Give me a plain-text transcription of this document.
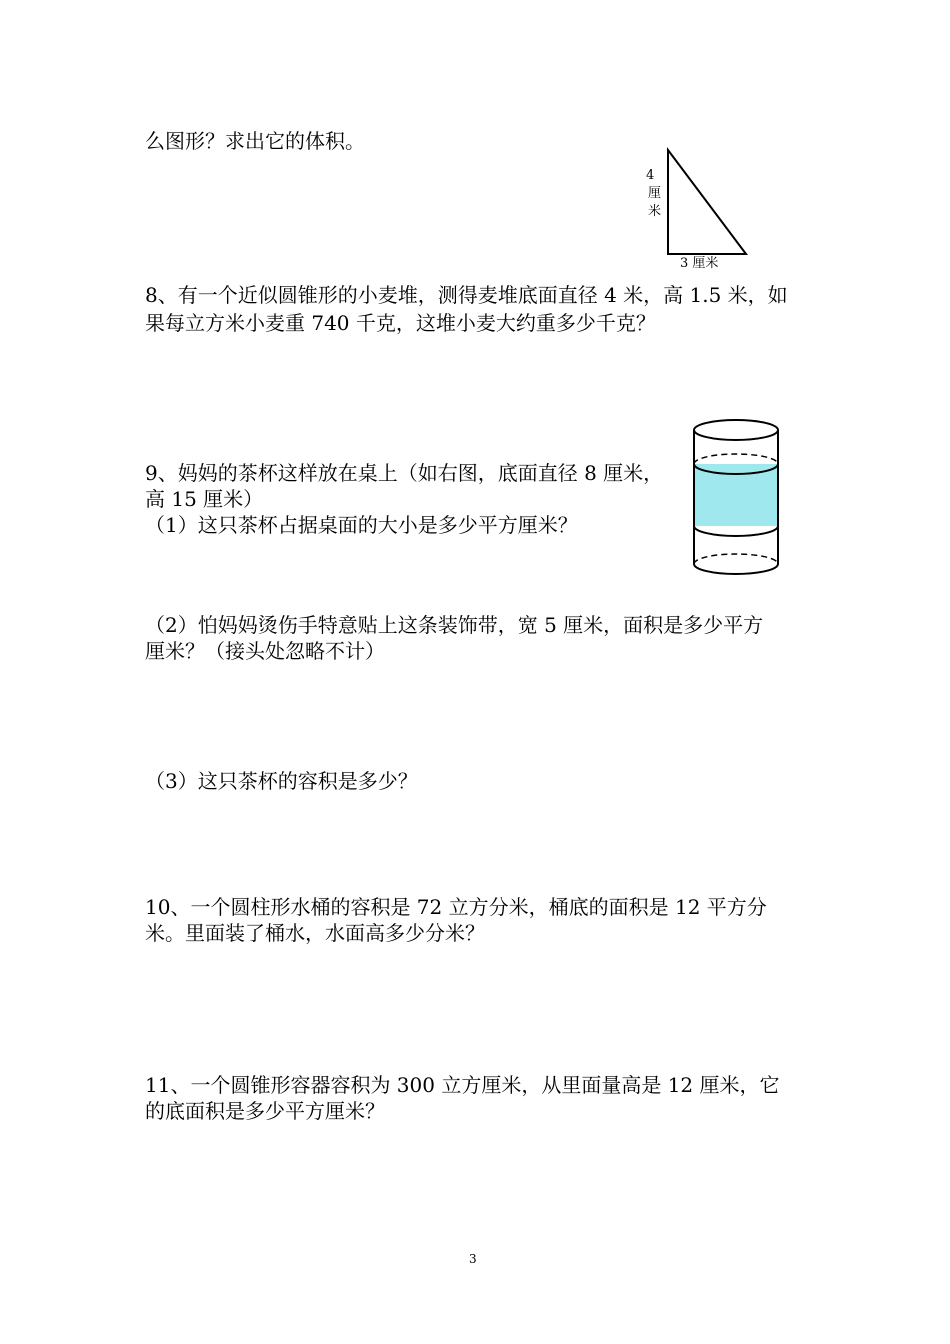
么图形？求出它的体积。
4
厘
米
3 厘米
8、有一个近似圆锥形的小麦堆，测得麦堆底面直径 4 米，高 1.5 米，如
果每立方米小麦重 740 千克，这堆小麦大约重多少千克？
9、妈妈的茶杯这样放在桌上（如右图，底面直径 8 厘米，
高 15 厘米）
（1）这只茶杯占据桌面的大小是多少平方厘米？
（2）怕妈妈烫伤手特意贴上这条装饰带，宽 5 厘米，面积是多少平方
厘米？（接头处忽略不计）
（3）这只茶杯的容积是多少？
10、一个圆柱形水桶的容积是 72 立方分米，桶底的面积是 12 平方分
米。里面装了桶水，水面高多少分米？
11、一个圆锥形容器容积为 300 立方厘米，从里面量高是 12 厘米，它
的底面积是多少平方厘米？
3
